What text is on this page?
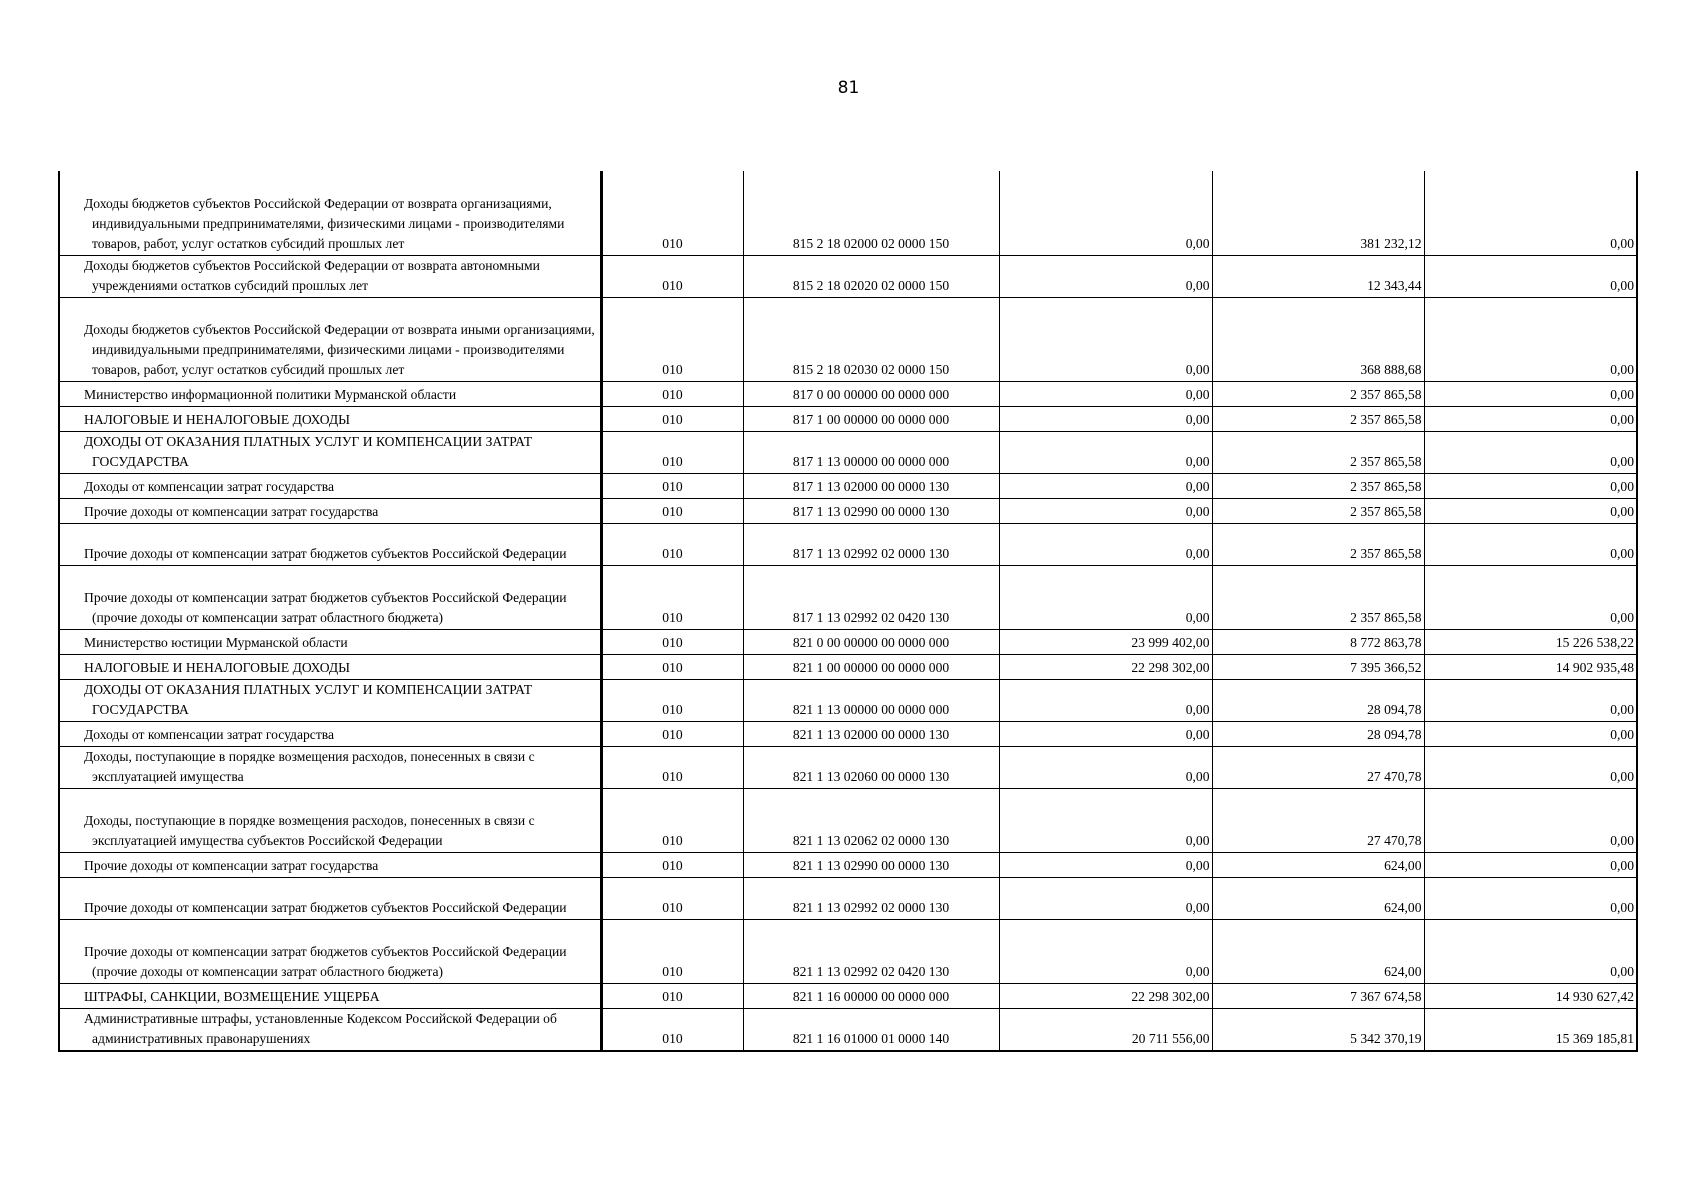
81
Доходы бюджетов субъектов Российской Федерации от возврата организациями, индивидуальными предпринимателями, физическими лицами - производителями товаров, работ, услуг остатков субсидий прошлых лет	010	815 2 18 02000 02 0000 150	0,00	381 232,12	0,00
Доходы бюджетов субъектов Российской Федерации от возврата автономными учреждениями остатков субсидий прошлых лет	010	815 2 18 02020 02 0000 150	0,00	12 343,44	0,00
Доходы бюджетов субъектов Российской Федерации от возврата иными организациями, индивидуальными предпринимателями, физическими лицами - производителями товаров, работ, услуг остатков субсидий прошлых лет	010	815 2 18 02030 02 0000 150	0,00	368 888,68	0,00
Министерство информационной политики Мурманской области	010	817 0 00 00000 00 0000 000	0,00	2 357 865,58	0,00
НАЛОГОВЫЕ И НЕНАЛОГОВЫЕ ДОХОДЫ	010	817 1 00 00000 00 0000 000	0,00	2 357 865,58	0,00
ДОХОДЫ ОТ ОКАЗАНИЯ ПЛАТНЫХ УСЛУГ И КОМПЕНСАЦИИ ЗАТРАТ ГОСУДАРСТВА	010	817 1 13 00000 00 0000 000	0,00	2 357 865,58	0,00
Доходы от компенсации затрат государства	010	817 1 13 02000 00 0000 130	0,00	2 357 865,58	0,00
Прочие доходы от компенсации затрат государства	010	817 1 13 02990 00 0000 130	0,00	2 357 865,58	0,00
Прочие доходы от компенсации затрат бюджетов субъектов Российской Федерации	010	817 1 13 02992 02 0000 130	0,00	2 357 865,58	0,00
Прочие доходы от компенсации затрат бюджетов субъектов Российской Федерации (прочие доходы от компенсации затрат областного бюджета)	010	817 1 13 02992 02 0420 130	0,00	2 357 865,58	0,00
Министерство юстиции Мурманской области	010	821 0 00 00000 00 0000 000	23 999 402,00	8 772 863,78	15 226 538,22
НАЛОГОВЫЕ И НЕНАЛОГОВЫЕ ДОХОДЫ	010	821 1 00 00000 00 0000 000	22 298 302,00	7 395 366,52	14 902 935,48
ДОХОДЫ ОТ ОКАЗАНИЯ ПЛАТНЫХ УСЛУГ И КОМПЕНСАЦИИ ЗАТРАТ ГОСУДАРСТВА	010	821 1 13 00000 00 0000 000	0,00	28 094,78	0,00
Доходы от компенсации затрат государства	010	821 1 13 02000 00 0000 130	0,00	28 094,78	0,00
Доходы, поступающие в порядке возмещения расходов, понесенных в связи с эксплуатацией имущества	010	821 1 13 02060 00 0000 130	0,00	27 470,78	0,00
Доходы, поступающие в порядке возмещения расходов, понесенных в связи с эксплуатацией имущества субъектов Российской Федерации	010	821 1 13 02062 02 0000 130	0,00	27 470,78	0,00
Прочие доходы от компенсации затрат государства	010	821 1 13 02990 00 0000 130	0,00	624,00	0,00
Прочие доходы от компенсации затрат бюджетов субъектов Российской Федерации	010	821 1 13 02992 02 0000 130	0,00	624,00	0,00
Прочие доходы от компенсации затрат бюджетов субъектов Российской Федерации (прочие доходы от компенсации затрат областного бюджета)	010	821 1 13 02992 02 0420 130	0,00	624,00	0,00
ШТРАФЫ, САНКЦИИ, ВОЗМЕЩЕНИЕ УЩЕРБА	010	821 1 16 00000 00 0000 000	22 298 302,00	7 367 674,58	14 930 627,42
Административные штрафы, установленные Кодексом Российской Федерации об административных правонарушениях	010	821 1 16 01000 01 0000 140	20 711 556,00	5 342 370,19	15 369 185,81
